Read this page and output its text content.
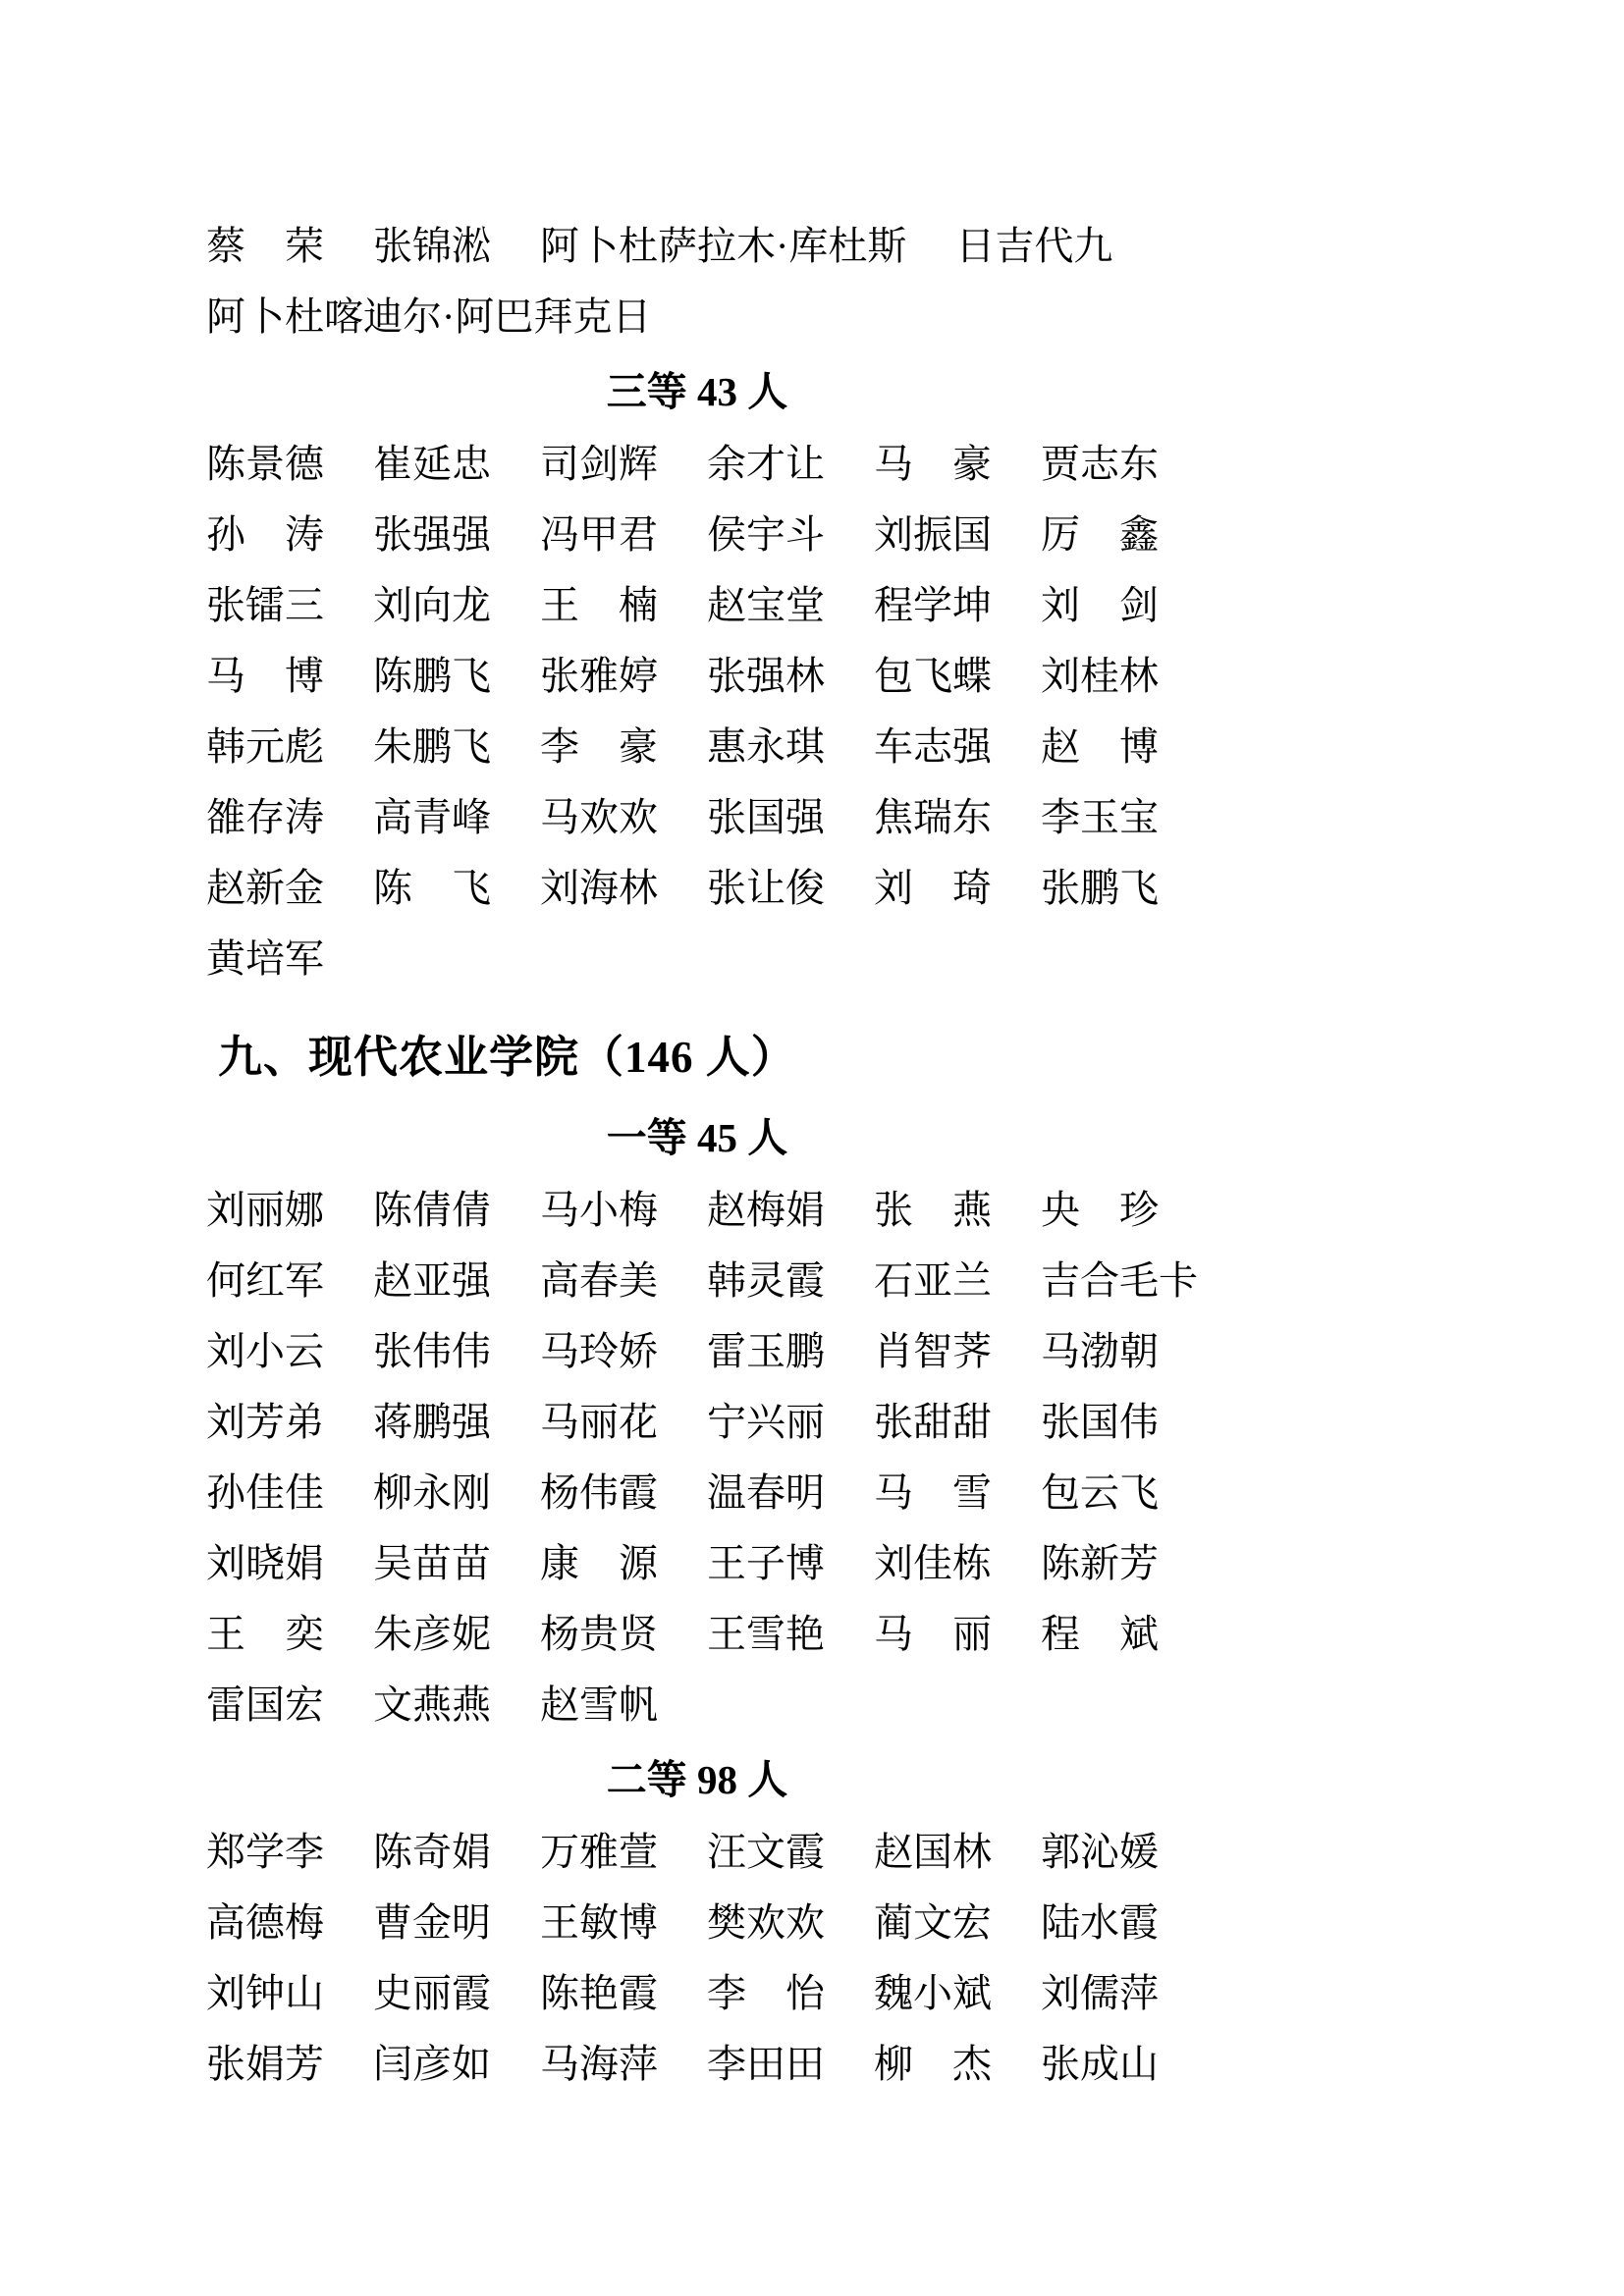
蔡　荣 张锦淞 阿卜杜萨拉木·库杜斯 日吉代九
阿卜杜喀迪尔·阿巴拜克日
三等 43 人
陈景德 崔延忠 司剑辉 余才让 马　豪 贾志东
孙　涛 张强强 冯甲君 侯宇斗 刘振国 厉　鑫
张镭三 刘向龙 王　楠 赵宝堂 程学坤 刘　剑
马　博 陈鹏飞 张雅婷 张强林 包飞蝶 刘桂林
韩元彪 朱鹏飞 李　豪 惠永琪 车志强 赵　博
雒存涛 高青峰 马欢欢 张国强 焦瑞东 李玉宝
赵新金 陈　飞 刘海林 张让俊 刘　琦 张鹏飞
黄培军
九、现代农业学院（146 人）
一等 45 人
刘丽娜 陈倩倩 马小梅 赵梅娟 张　燕 央　珍
何红军 赵亚强 高春美 韩灵霞 石亚兰 吉合毛卡
刘小云 张伟伟 马玲娇 雷玉鹏 肖智荠 马渤朝
刘芳弟 蒋鹏强 马丽花 宁兴丽 张甜甜 张国伟
孙佳佳 柳永刚 杨伟霞 温春明 马　雪 包云飞
刘晓娟 吴苗苗 康　源 王子博 刘佳栋 陈新芳
王　奕 朱彦妮 杨贵贤 王雪艳 马　丽 程　斌
雷国宏 文燕燕 赵雪帆
二等 98 人
郑学李 陈奇娟 万雅萱 汪文霞 赵国林 郭沁媛
高德梅 曹金明 王敏博 樊欢欢 蔺文宏 陆水霞
刘钟山 史丽霞 陈艳霞 李　怡 魏小斌 刘儒萍
张娟芳 闫彦如 马海萍 李田田 柳　杰 张成山
